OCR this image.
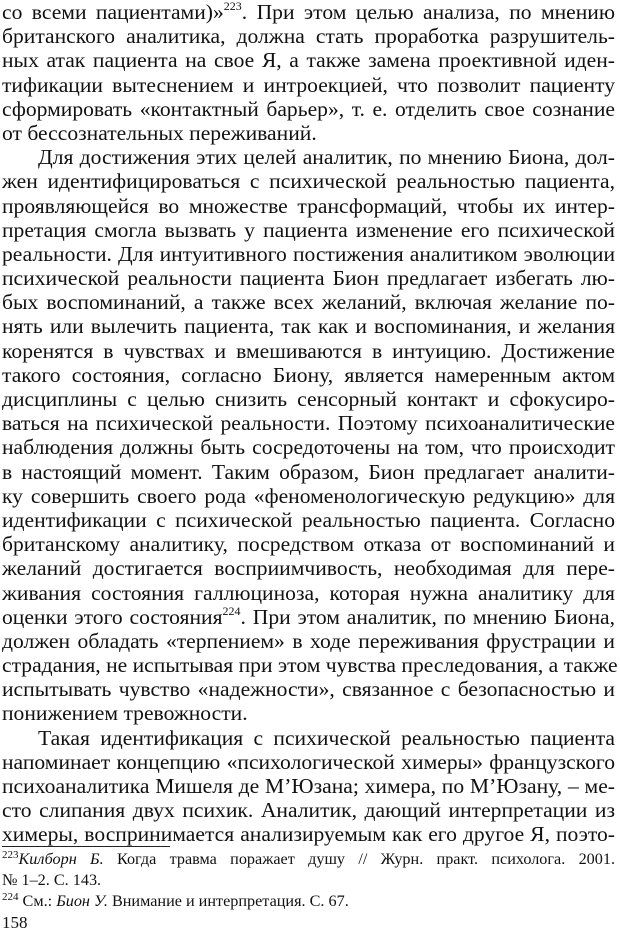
со всеми пациентами)»$^{223}$. При этом целью анализа, по мнению
британского аналитика, должна стать проработка разрушитель-
ных атак пациента на свое Я, а также замена проективной иден-
тификации вытеснением и интроекцией, что позволит пациенту
сформировать «контактный барьер», т. е. отделить свое сознание
от бессознательных переживаний.
Для достижения этих целей аналитик, по мнению Биона, дол-
жен идентифицироваться с психической реальностью пациента,
проявляющейся во множестве трансформаций, чтобы их интер-
претация смогла вызвать у пациента изменение его психической
реальности. Для интуитивного постижения аналитиком эволюции
психической реальности пациента Бион предлагает избегать лю-
бых воспоминаний, а также всех желаний, включая желание по-
нять или вылечить пациента, так как и воспоминания, и желания
коренятся в чувствах и вмешиваются в интуицию. Достижение
такого состояния, согласно Биону, является намеренным актом
дисциплины с целью снизить сенсорный контакт и сфокусиро-
ваться на психической реальности. Поэтому психоаналитические
наблюдения должны быть сосредоточены на том, что происходит
в настоящий момент. Таким образом, Бион предлагает аналити-
ку совершить своего рода «феноменологическую редукцию» для
идентификации с психической реальностью пациента. Согласно
британскому аналитику, посредством отказа от воспоминаний и
желаний достигается восприимчивость, необходимая для пере-
живания состояния галлюциноза, которая нужна аналитику для
оценки этого состояния$^{224}$. При этом аналитик, по мнению Биона,
должен обладать «терпением» в ходе переживания фрустрации и
страдания, не испытывая при этом чувства преследования, а также
испытывать чувство «надежности», связанное с безопасностью и
понижением тревожности.
Такая идентификация с психической реальностью пациента
напоминает концепцию «психологической химеры» французского
психоаналитика Мишеля де М’Юзана; химера, по М’Юзану, – ме-
сто слипания двух психик. Аналитик, дающий интерпретации из
химеры, воспринимается анализируемым как его другое Я, поэто-
$^{223}$Килборн Б. Когда травма поражает душу // Журн. практ. психолога. 2001.
№ 1–2. С. 143.
$^{224}$ См.: Бион У. Внимание и интерпретация. С. 67.
158
